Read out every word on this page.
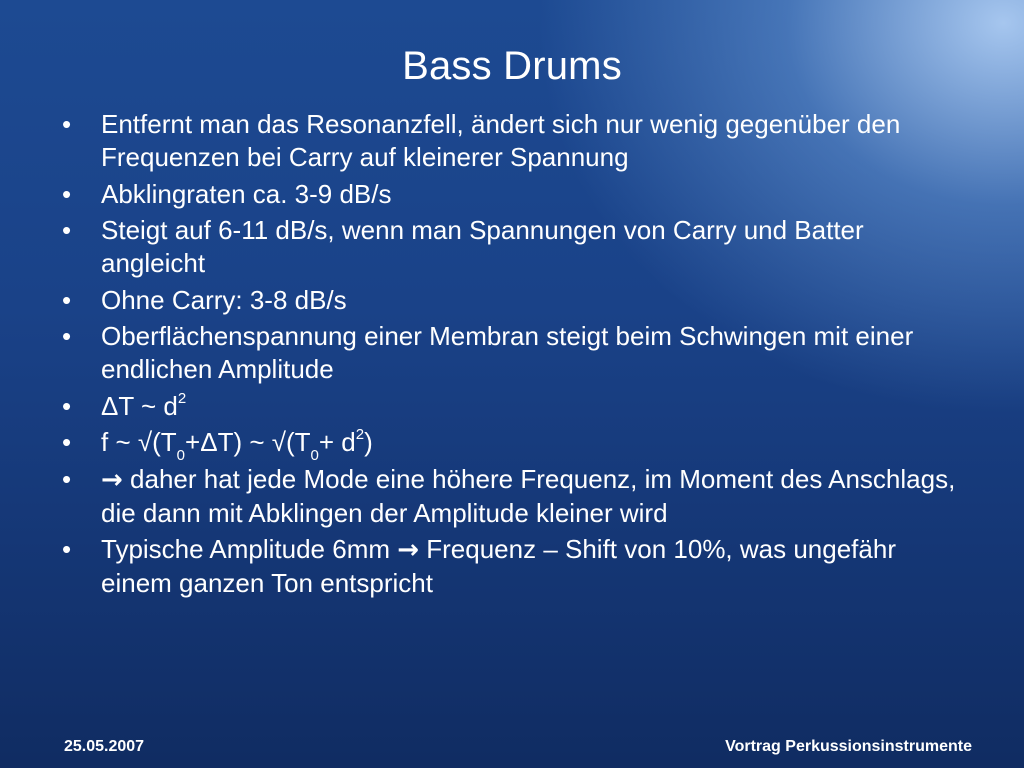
Bass Drums
•	Entfernt man das Resonanzfell, ändert sich nur wenig gegenüber den Frequenzen bei Carry auf kleinerer Spannung
•	Abklingraten ca. 3-9 dB/s
•	Steigt auf 6-11 dB/s, wenn man Spannungen von Carry und Batter angleicht
•	Ohne Carry: 3-8 dB/s
•	Oberflächenspannung einer Membran steigt beim Schwingen mit einer endlichen Amplitude
•	ΔT ~ $d^2$
•	f ~ $√(T_0+\Delta T)$ ~ $√(T_0+ d^2)$
•	→ daher hat jede Mode eine höhere Frequenz, im Moment des Anschlags, die dann mit Abklingen der Amplitude kleiner wird
•	Typische Amplitude 6mm → Frequenz – Shift von 10%, was ungefähr einem ganzen Ton entspricht
25.05.2007	Vortrag Perkussionsinstrumente
